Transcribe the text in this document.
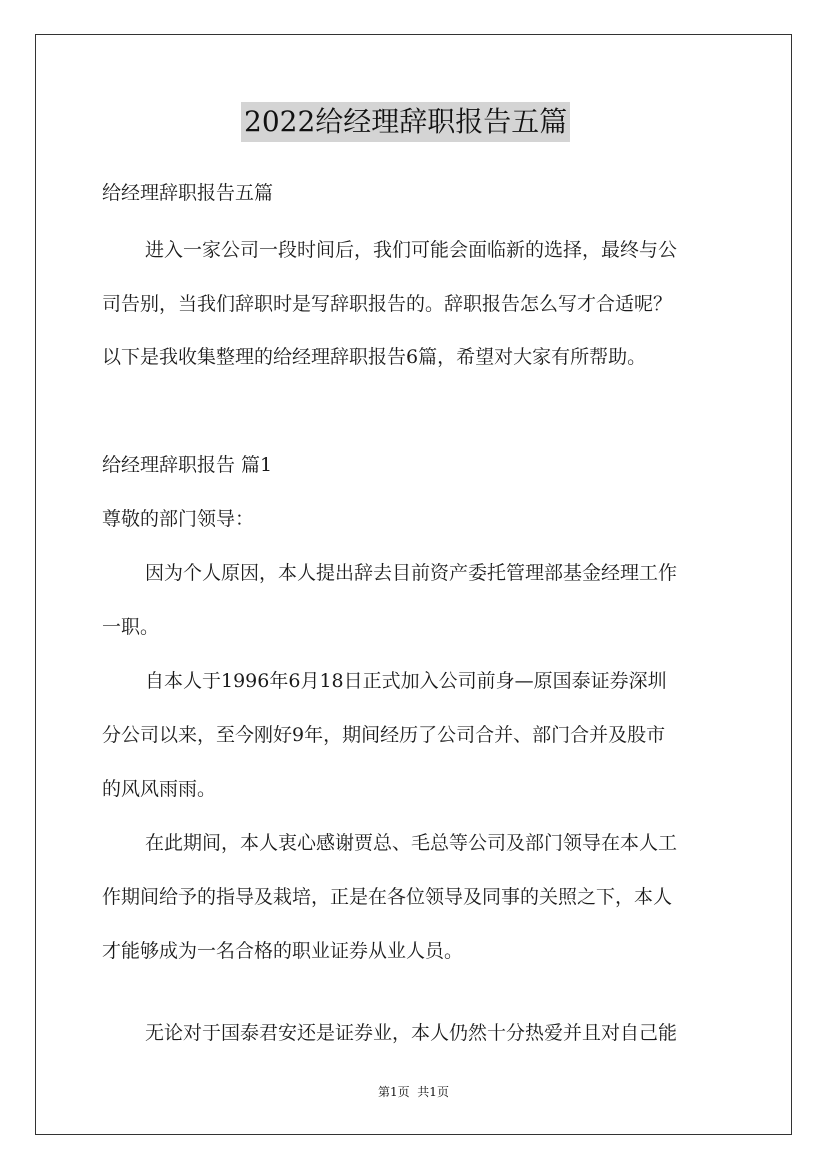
2022给经理辞职报告五篇
给经理辞职报告五篇
进入一家公司一段时间后，我们可能会面临新的选择，最终与公
司告别，当我们辞职时是写辞职报告的。辞职报告怎么写才合适呢？
以下是我收集整理的给经理辞职报告6篇，希望对大家有所帮助。
给经理辞职报告 篇1
尊敬的部门领导：
因为个人原因，本人提出辞去目前资产委托管理部基金经理工作
一职。
自本人于1996年6月18日正式加入公司前身—原国泰证券深圳
分公司以来，至今刚好9年，期间经历了公司合并、部门合并及股市
的风风雨雨。
在此期间，本人衷心感谢贾总、毛总等公司及部门领导在本人工
作期间给予的指导及栽培，正是在各位领导及同事的关照之下，本人
才能够成为一名合格的职业证券从业人员。
无论对于国泰君安还是证券业，本人仍然十分热爱并且对自己能
第1页  共1页
